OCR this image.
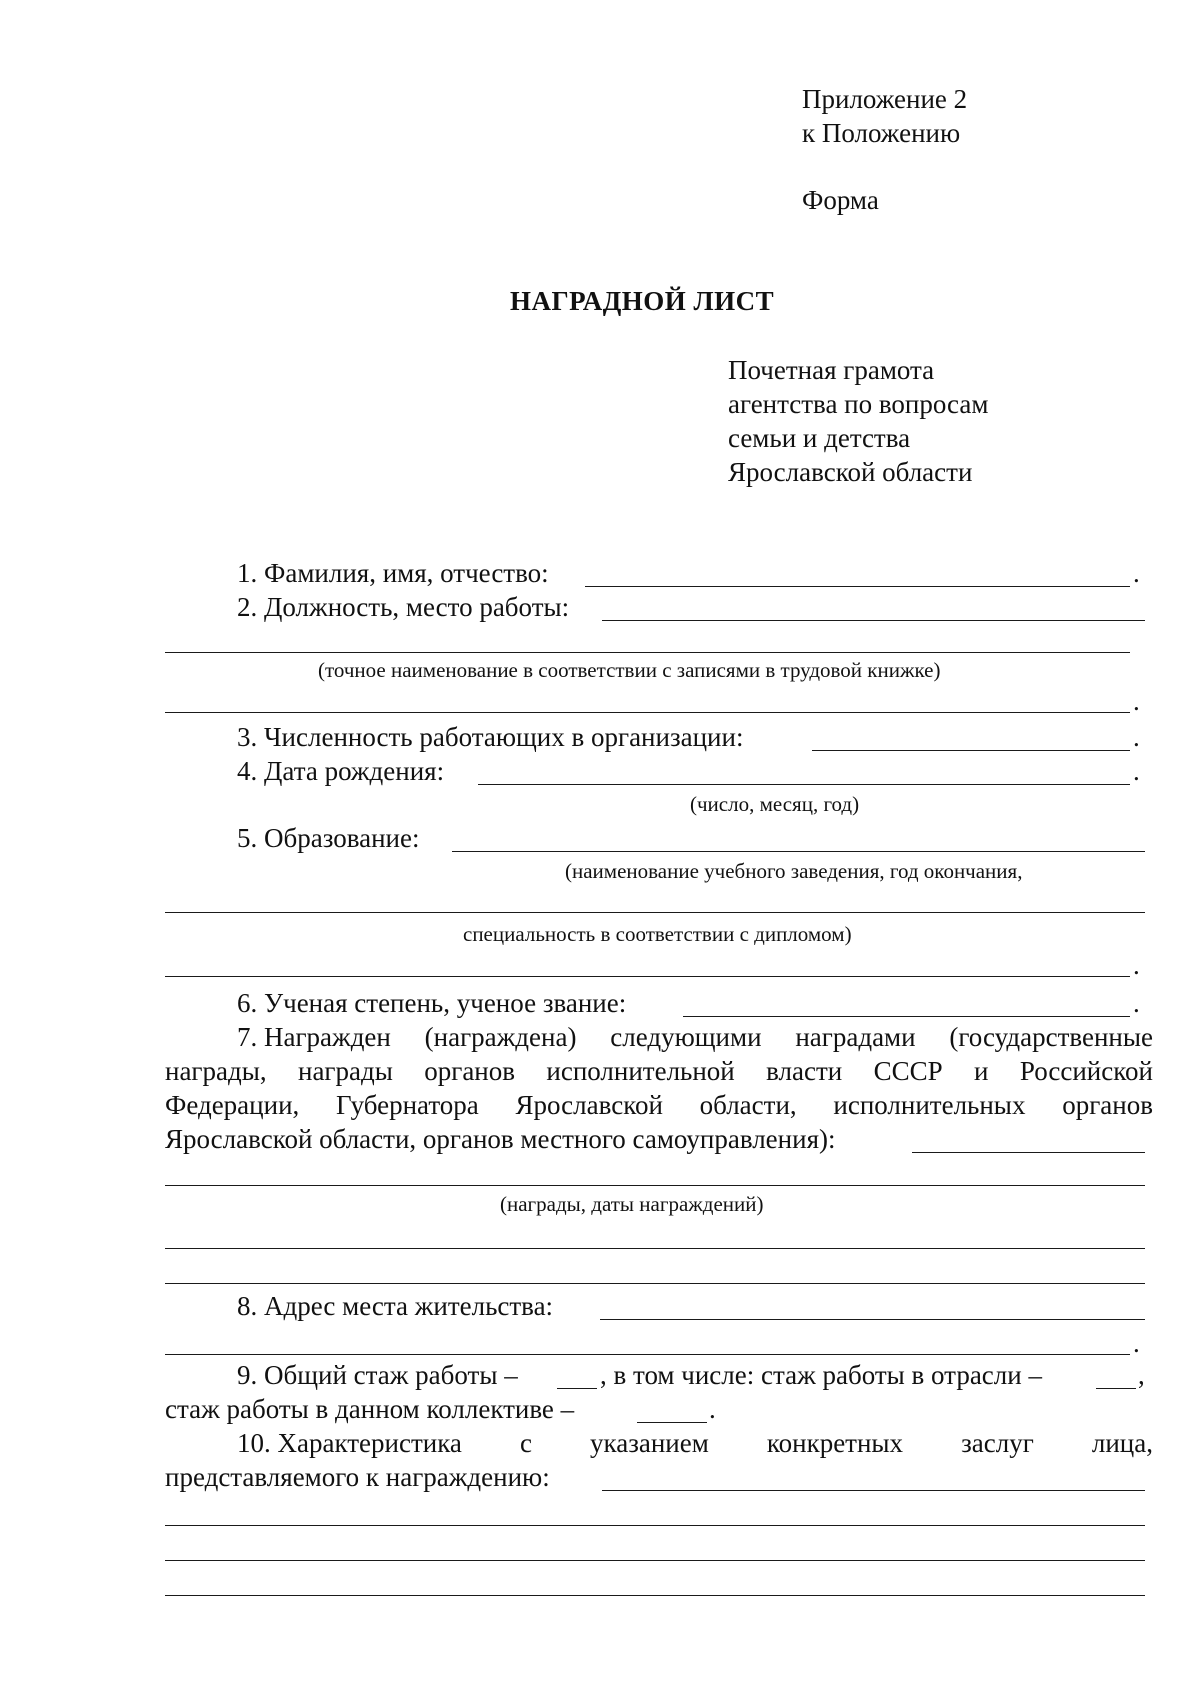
Приложение 2
к Положению
Форма
НАГРАДНОЙ ЛИСТ
Почетная грамота
агентства по вопросам
семьи и детства
Ярославской области
1. Фамилия, имя, отчество:	.
2. Должность, место работы:
(точное наименование в соответствии с записями в трудовой книжке)
.
3. Численность работающих в организации:	.
4. Дата рождения:	.
(число, месяц, год)
5. Образование:
(наименование учебного заведения, год окончания,
специальность в соответствии с дипломом)
.
6. Ученая степень, ученое звание:	.
7. Награжден (награждена) следующими наградами (государственные
награды, награды органов исполнительной власти СССР и Российской
Федерации, Губернатора Ярославской области, исполнительных органов
Ярославской области, органов местного самоуправления):
(награды, даты награждений)
8. Адрес места жительства:
.
9. Общий стаж работы –	, в том числе: стаж работы в отрасли –	,
стаж работы в данном коллективе –	.
10. Характеристика с указанием конкретных заслуг лица,
представляемого к награждению:
